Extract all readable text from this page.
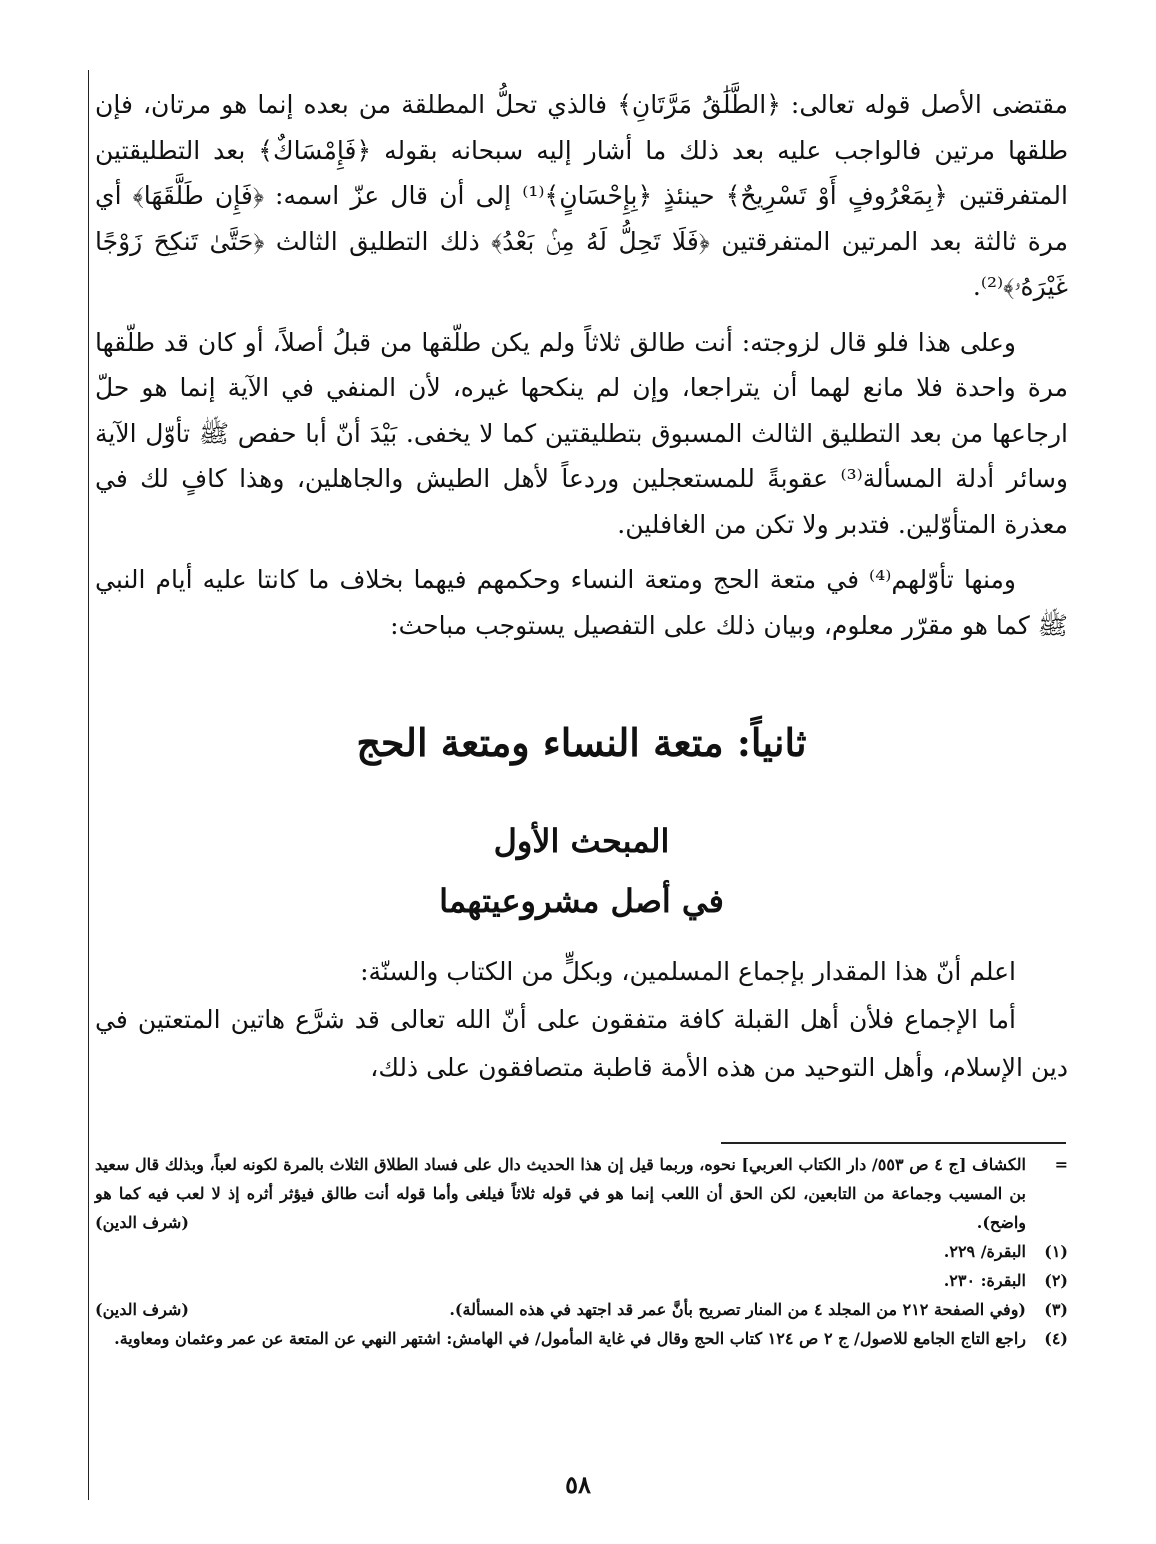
مقتضى الأصل قوله تعالى: ﴿الطَّلَٰقُ مَرَّتَانِ﴾ فالذي تحلُّ المطلقة من بعده إنما هو مرتان، فإن طلقها مرتين فالواجب عليه بعد ذلك ما أشار إليه سبحانه بقوله ﴿فَإِمْسَاكٌ﴾ بعد التطليقتين المتفرقتين ﴿بِمَعْرُوفٍ أَوْ تَسْرِيحٌ﴾ حينئذٍ ﴿بِإِحْسَانٍ﴾⁽¹⁾ إلى أن قال عزّ اسمه: ﴿فَإِن طَلَّقَهَا﴾ أي مرة ثالثة بعد المرتين المتفرقتين ﴿فَلَا تَحِلُّ لَهُ مِنۢ بَعْدُ﴾ ذلك التطليق الثالث ﴿حَتَّىٰ تَنكِحَ زَوْجًا غَيْرَهُۥ﴾⁽²⁾.

وعلى هذا فلو قال لزوجته: أنت طالق ثلاثاً ولم يكن طلّقها من قبلُ أصلاً، أو كان قد طلّقها مرة واحدة فلا مانع لهما أن يتراجعا، وإن لم ينكحها غيره، لأن المنفي في الآية إنما هو حلّ ارجاعها من بعد التطليق الثالث المسبوق بتطليقتين كما لا يخفى. بَيْدَ أنّ أبا حفص ﷺ تأوّل الآية وسائر أدلة المسألة⁽³⁾ عقوبةً للمستعجلين وردعاً لأهل الطيش والجاهلين، وهذا كافٍ لك في معذرة المتأوّلين. فتدبر ولا تكن من الغافلين.

ومنها تأوّلهم⁽⁴⁾ في متعة الحج ومتعة النساء وحكمهم فيهما بخلاف ما كانتا عليه أيام النبي ﷺ كما هو مقرّر معلوم، وبيان ذلك على التفصيل يستوجب مباحث:

ثانياً: متعة النساء ومتعة الحج
المبحث الأول
في أصل مشروعيتهما

اعلم أنّ هذا المقدار بإجماع المسلمين، وبكلٍّ من الكتاب والسنّة:

أما الإجماع فلأن أهل القبلة كافة متفقون على أنّ الله تعالى قد شرَّع هاتين المتعتين في دين الإسلام، وأهل التوحيد من هذه الأمة قاطبة متصافقون على ذلك،

=
الكشاف [ج ٤ ص ٥٥٣/ دار الكتاب العربي] نحوه، وربما قيل إن هذا الحديث دال على فساد الطلاق الثلاث بالمرة لكونه لعباً، وبذلك قال سعيد بن المسيب وجماعة من التابعين، لكن الحق أن اللعب إنما هو في قوله ثلاثاً فيلغى وأما قوله أنت طالق فيؤثر أثره إذ لا لعب فيه كما هو واضح).
(شرف الدين)
(١)
البقرة/ ٢٢٩.
(٢)
البقرة: ٢٣٠.
(٣)
(وفي الصفحة ٢١٢ من المجلد ٤ من المنار تصريح بأنَّ عمر قد اجتهد في هذه المسألة).
(شرف الدين)
(٤)
راجع التاج الجامع للاصول/ ج ٢ ص ١٢٤ كتاب الحج وقال في غاية المأمول/ في الهامش: اشتهر النهي عن المتعة عن عمر وعثمان ومعاوية.
٥٨
